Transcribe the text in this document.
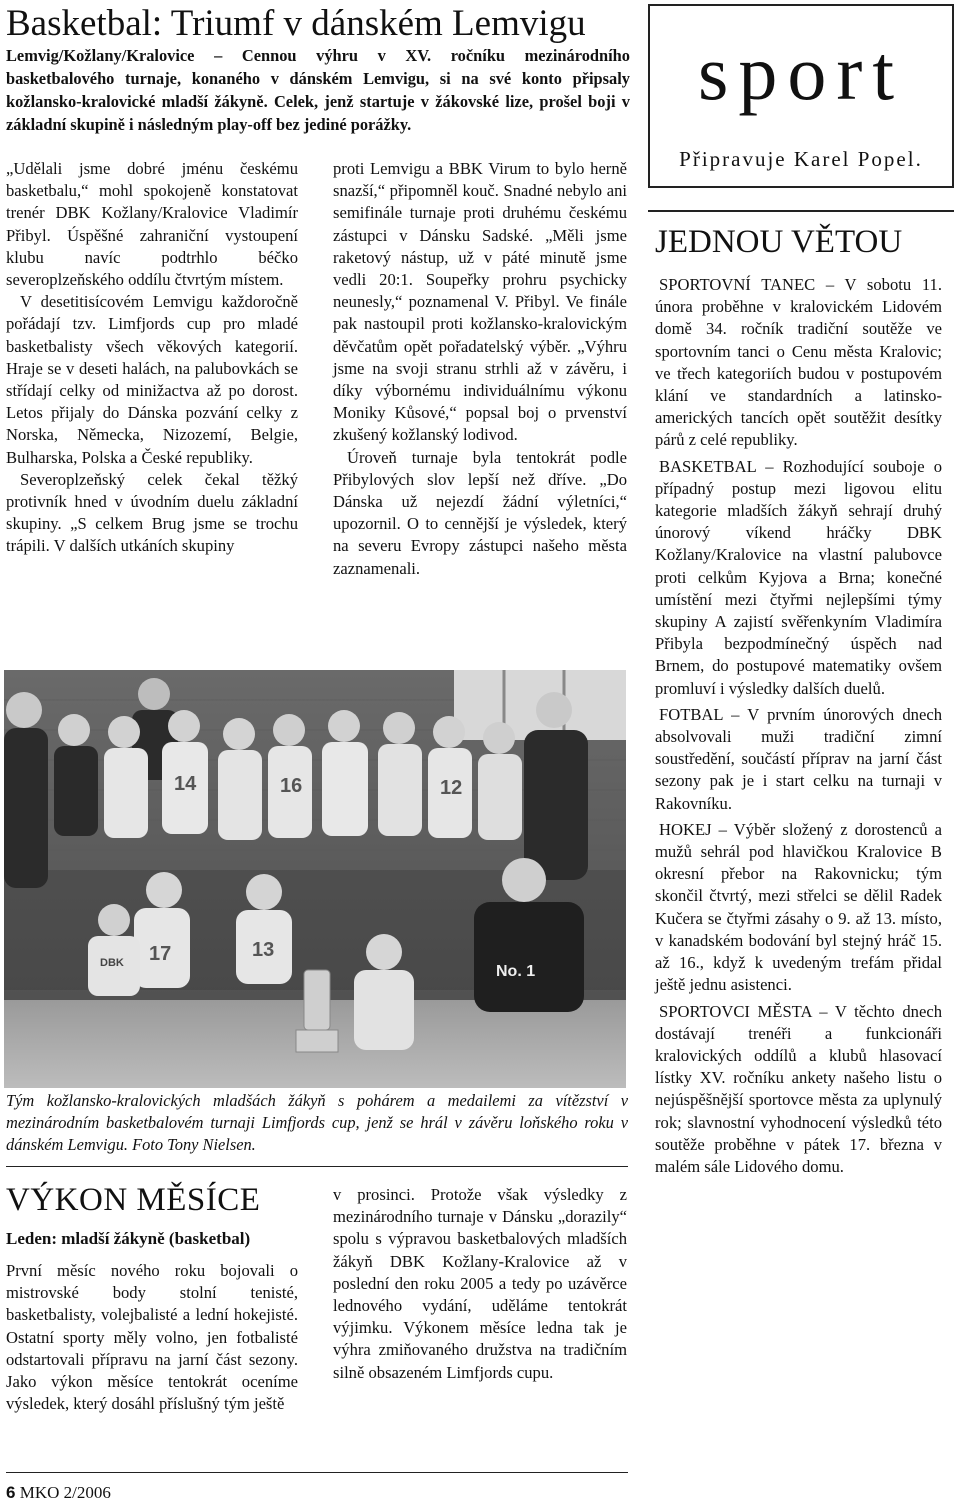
Basketbal: Triumf v dánském Lemvigu
Lemvig/Kožlany/Kralovice – Cennou výhru v XV. ročníku mezinárodního basketbalového turnaje, konaného v dánském Lemvigu, si na své konto připsaly kožlansko-kralovické mladší žákyně. Celek, jenž startuje v žákovské lize, prošel boji v základní skupině i následným play-off bez jediné porážky.

„Udělali jsme dobré jménu českému basketbalu,“ mohl spokojeně konstatovat trenér DBK Kožlany/Kralovice Vladimír Přibyl. Úspěšné zahraniční vystoupení klubu navíc podtrhlo béčko severoplzeňského oddílu čtvrtým místem.

V desetitisícovém Lemvigu každoročně pořádají tzv. Limfjords cup pro mladé basketbalisty všech věkových kategorií. Hraje se v deseti halách, na palubovkách se střídají celky od minižactva až po dorost. Letos přijaly do Dánska pozvání celky z Norska, Německa, Nizozemí, Belgie, Bulharska, Polska a České republiky.

Severoplzeňský celek čekal těžký protivník hned v úvodním duelu základní skupiny. „S celkem Brug jsme se trochu trápili. V dalších utkáních skupiny

proti Lemvigu a BBK Virum to bylo herně snazší,“ připomněl kouč. Snadné nebylo ani semifinále turnaje proti druhému českému zástupci v Dánsku Sadské. „Měli jsme raketový nástup, už v páté minutě jsme vedli 20:1. Soupeřky prohru psychicky neunesly,“ poznamenal V. Přibyl. Ve finále pak nastoupil proti kožlansko-kralovickým děvčatům opět pořadatelský výběr. „Výhru jsme na svoji stranu strhli až v závěru, i díky výbornému individuálnímu výkonu Moniky Kůsové,“ popsal boj o prvenství zkušený kožlanský lodivod.

Úroveň turnaje byla tentokrát podle Přibylových slov lepší než dříve. „Do Dánska už nejezdí žádní výletníci,“ upozornil. O to cennější je výsledek, který na severu Evropy zástupci našeho města zaznamenali.

14	16	12
17	13
DBK	No. 1
Tým kožlansko-kralovických mladšách žákyň s pohárem a medailemi za vítězství v mezinárodním basketbalovém turnaji Limfjords cup, jenž se hrál v závěru loňského roku v dánském Lemvigu. Foto Tony Nielsen.
VÝKON MĚSÍCE
Leden: mladší žákyně (basketbal)
První měsíc nového roku bojovali o mistrovské body stolní tenisté, basketbalisty, volejbalisté a lední hokejisté. Ostatní sporty měly volno, jen fotbalisté odstartovali přípravu na jarní část sezony. Jako výkon měsíce tentokrát oceníme výsledek, který dosáhl příslušný tým ještě
v prosinci. Protože však výsledky z mezinárodního turnaje v Dánsku „dorazily“ spolu s výpravou basketbalových mladších žákyň DBK Kožlany-Kralovice až v poslední den roku 2005 a tedy po uzávěrce lednového vydání, uděláme tentokrát výjimku. Výkonem měsíce ledna tak je výhra zmiňovaného družstva na tradičním silně obsazeném Limfjords cupu.
6 MKO 2/2006
sport
Připravuje Karel Popel.
JEDNOU VĚTOU

SPORTOVNÍ TANEC – V sobotu 11. února proběhne v kralovickém Lidovém domě 34. ročník tradiční soutěže ve sportovním tanci o Cenu města Kralovic; ve třech kategoriích budou v postupovém klání ve standardních a latinsko-amerických tancích opět soutěžit desítky párů z celé republiky.

BASKETBAL – Rozhodující souboje o případný postup mezi ligovou elitu kategorie mladších žákyň sehrají druhý únorový víkend hráčky DBK Kožlany/Kralovice na vlastní palubovce proti celkům Kyjova a Brna; konečné umístění mezi čtyřmi nejlepšími týmy skupiny A zajistí svěřenkyním Vladimíra Přibyla bezpodmínečný úspěch nad Brnem, do postupové matematiky ovšem promluví i výsledky dalších duelů.

FOTBAL – V prvním únorových dnech absolvovali muži tradiční zimní soustředění, součástí příprav na jarní část sezony pak je i start celku na turnaji v Rakovníku.

HOKEJ – Výběr složený z dorostenců a mužů sehrál pod hlavičkou Kralovice B okresní přebor na Rakovnicku; tým skončil čtvrtý, mezi střelci se dělil Radek Kučera se čtyřmi zásahy o 9. až 13. místo, v kanadském bodování byl stejný hráč 15. až 16., když k uvedeným trefám přidal ještě jednu asistenci.

SPORTOVCI MĚSTA – V těchto dnech dostávají trenéři a funkcionáři kralovických oddílů a klubů hlasovací lístky XV. ročníku ankety našeho listu o nejúspěšnější sportovce města za uplynulý rok; slavnostní vyhodnocení výsledků této soutěže proběhne v pátek 17. března v malém sále Lidového domu.
